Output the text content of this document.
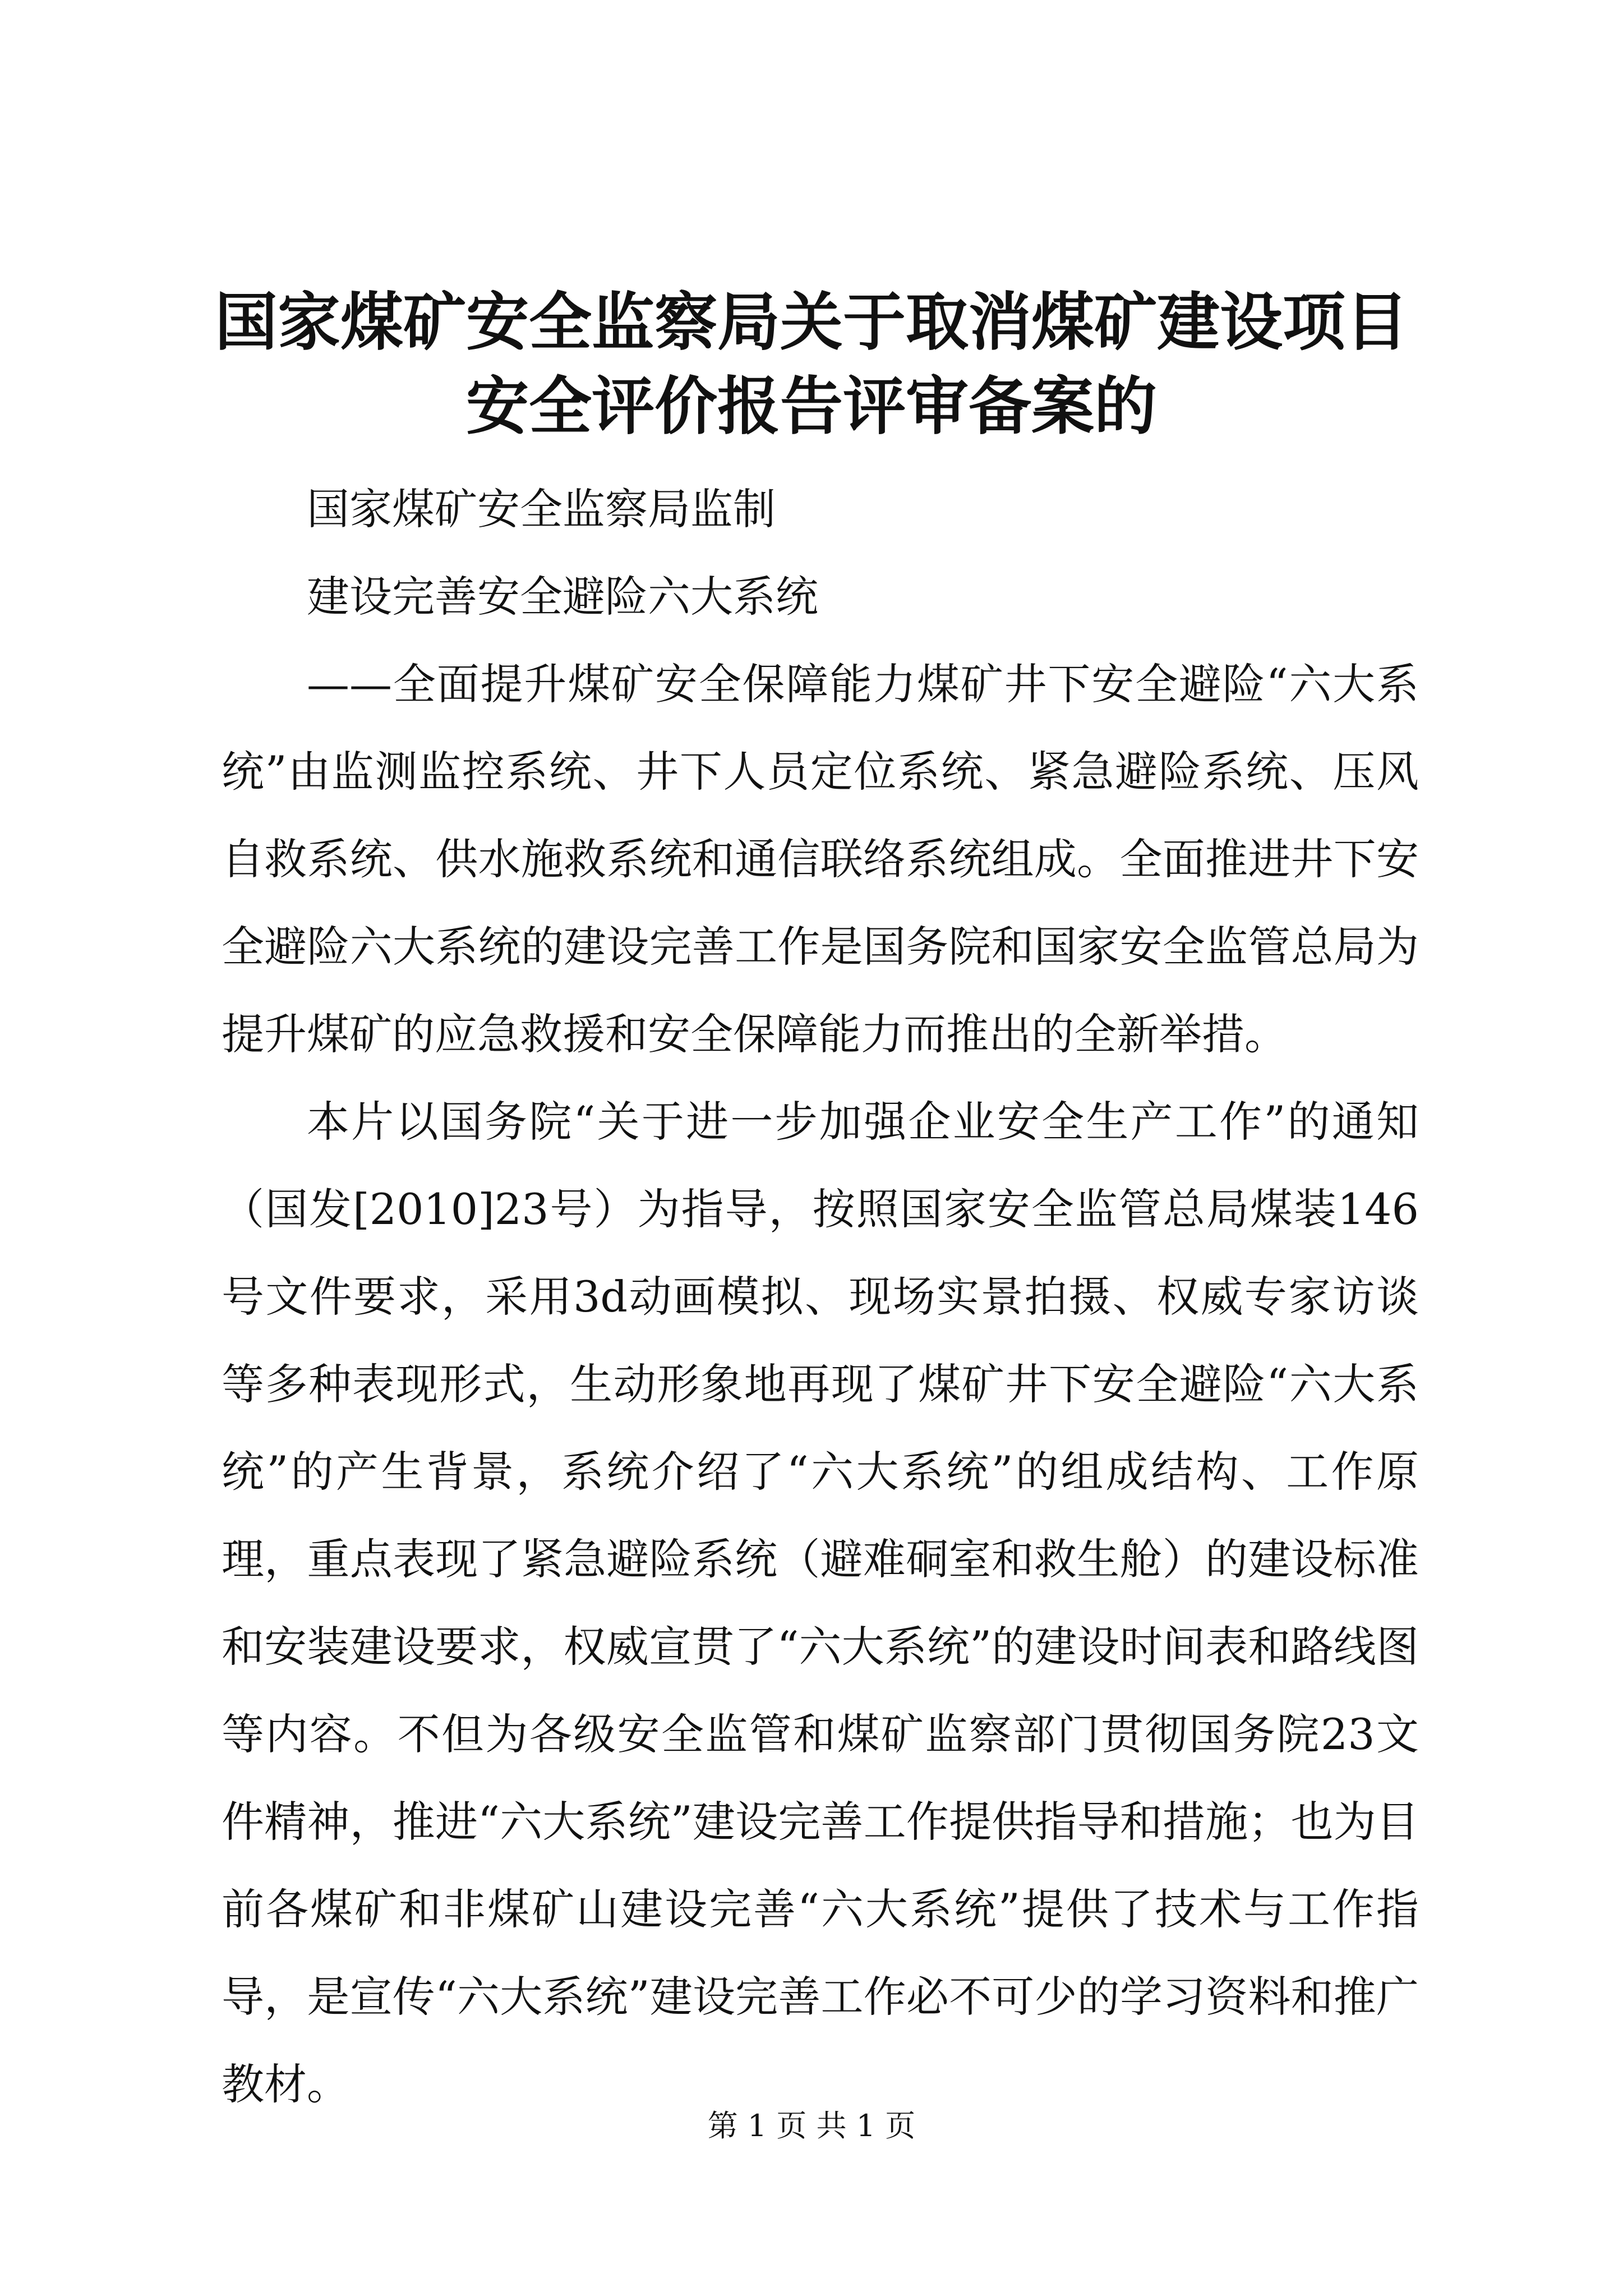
国家煤矿安全监察局关于取消煤矿建设项目安全评价报告评审备案的

国家煤矿安全监察局监制

建设完善安全避险六大系统

——全面提升煤矿安全保障能力煤矿井下安全避险“六大系统”由监测监控系统、井下人员定位系统、紧急避险系统、压风自救系统、供水施救系统和通信联络系统组成。全面推进井下安全避险六大系统的建设完善工作是国务院和国家安全监管总局为提升煤矿的应急救援和安全保障能力而推出的全新举措。

本片以国务院“关于进一步加强企业安全生产工作”的通知（国发[2010]23号）为指导，按照国家安全监管总局煤装146号文件要求，采用3d动画模拟、现场实景拍摄、权威专家访谈等多种表现形式，生动形象地再现了煤矿井下安全避险“六大系统”的产生背景，系统介绍了“六大系统”的组成结构、工作原理，重点表现了紧急避险系统（避难硐室和救生舱）的建设标准和安装建设要求，权威宣贯了“六大系统”的建设时间表和路线图等内容。不但为各级安全监管和煤矿监察部门贯彻国务院23文件精神，推进“六大系统”建设完善工作提供指导和措施；也为目前各煤矿和非煤矿山建设完善“六大系统”提供了技术与工作指导，是宣传“六大系统”建设完善工作必不可少的学习资料和推广教材。

第 1 页 共 1 页
